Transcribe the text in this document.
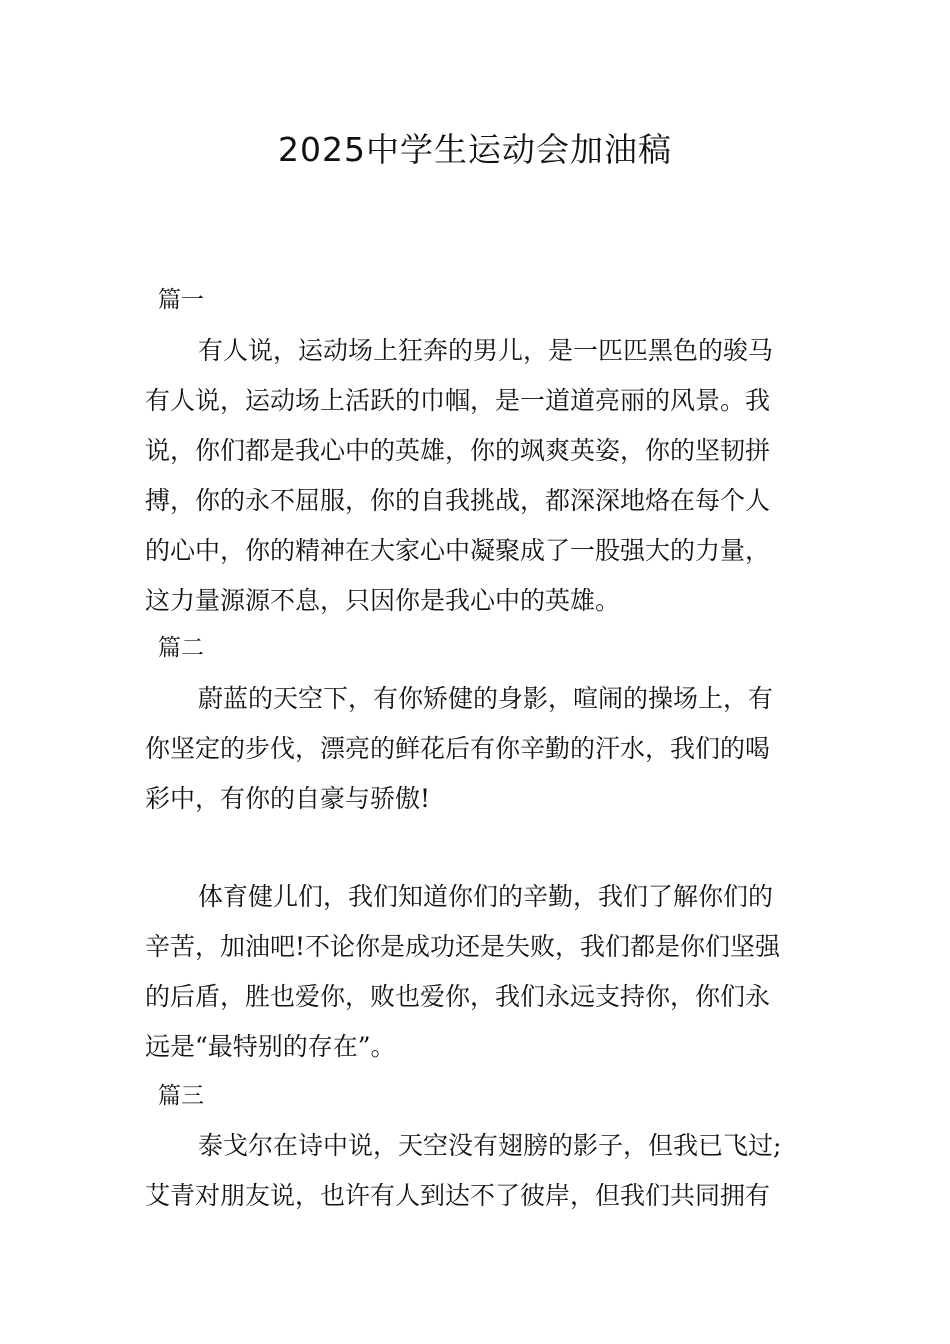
2025中学生运动会加油稿
篇一
有人说，运动场上狂奔的男儿，是一匹匹黑色的骏马
有人说，运动场上活跃的巾帼，是一道道亮丽的风景。我
说，你们都是我心中的英雄，你的飒爽英姿，你的坚韧拼
搏，你的永不屈服，你的自我挑战，都深深地烙在每个人
的心中，你的精神在大家心中凝聚成了一股强大的力量，
这力量源源不息，只因你是我心中的英雄。
篇二
蔚蓝的天空下，有你矫健的身影，喧闹的操场上，有
你坚定的步伐，漂亮的鲜花后有你辛勤的汗水，我们的喝
彩中，有你的自豪与骄傲!
体育健儿们，我们知道你们的辛勤，我们了解你们的
辛苦，加油吧!不论你是成功还是失败，我们都是你们坚强
的后盾，胜也爱你，败也爱你，我们永远支持你，你们永
远是“最特别的存在”。
篇三
泰戈尔在诗中说，天空没有翅膀的影子，但我已飞过;
艾青对朋友说，也许有人到达不了彼岸，但我们共同拥有
